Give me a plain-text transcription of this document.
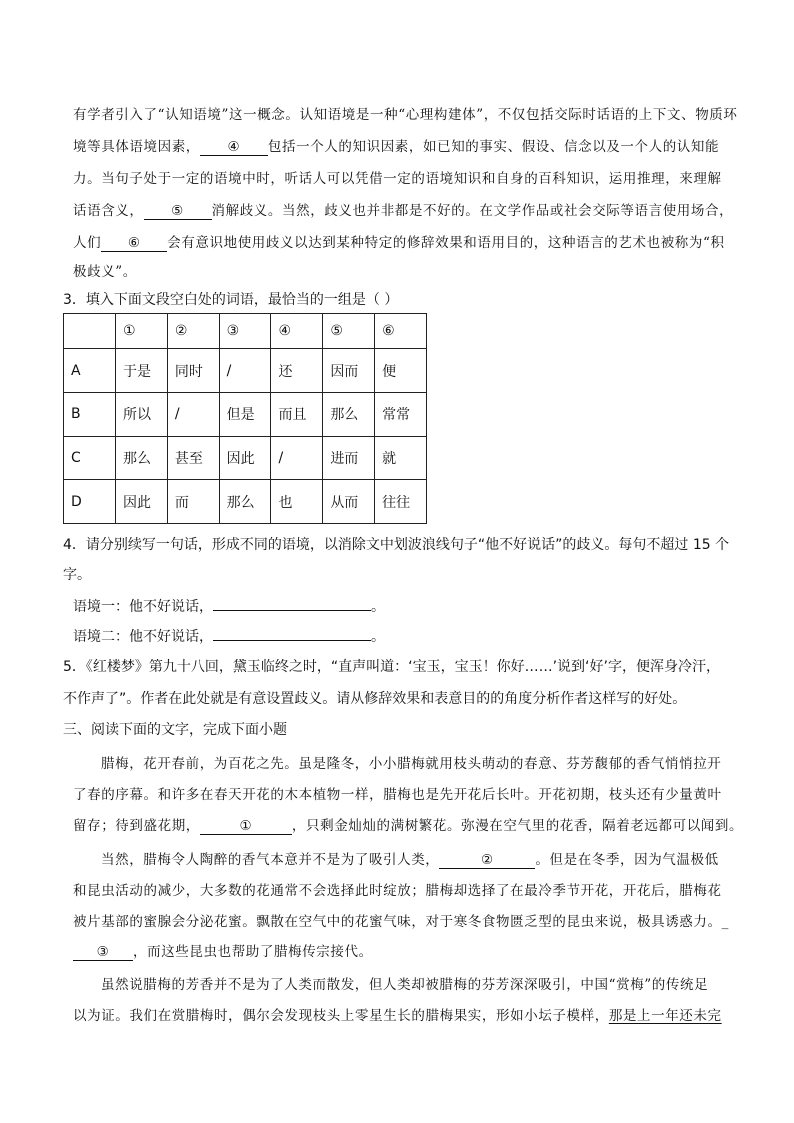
有学者引入了“认知语境”这一概念。认知语境是一种“心理构建体”，不仅包括交际时话语的上下文、物质环
境等具体语境因素， ④ 包括一个人的知识因素，如已知的事实、假设、信念以及一个人的认知能
力。当句子处于一定的语境中时，听话人可以凭借一定的语境知识和自身的百科知识，运用推理，来理解
话语含义， ⑤ 消解歧义。当然，歧义也并非都是不好的。在文学作品或社会交际等语言使用场合，
人们 ⑥ 会有意识地使用歧义以达到某种特定的修辞效果和语用目的，这种语言的艺术也被称为“积
极歧义”。
3．填入下面文段空白处的词语，最恰当的一组是（ ）
	①	②	③	④	⑤	⑥
A	于是	同时	/	还	因而	便
B	所以	/	但是	而且	那么	常常
C	那么	甚至	因此	/	进而	就
D	因此	而	那么	也	从而	往往
4．请分别续写一句话，形成不同的语境，以消除文中划波浪线句子“他不好说话”的歧义。每句不超过 15 个
字。
语境一：他不好说话，	。
语境二：他不好说话，	。
5．《红楼梦》第九十八回，黛玉临终之时，“直声叫道：‘宝玉，宝玉！你好……’说到‘好’字，便浑身冷汗，
不作声了”。作者在此处就是有意设置歧义。请从修辞效果和表意目的的角度分析作者这样写的好处。
三、阅读下面的文字，完成下面小题
腊梅，花开春前，为百花之先。虽是隆冬，小小腊梅就用枝头萌动的春意、芬芳馥郁的香气悄悄拉开
了春的序幕。和许多在春天开花的木本植物一样，腊梅也是先开花后长叶。开花初期，枝头还有少量黄叶
留存；待到盛花期，	①	，只剩金灿灿的满树繁花。弥漫在空气里的花香，隔着老远都可以闻到。
当然，腊梅令人陶醉的香气本意并不是为了吸引人类，	②	。但是在冬季，因为气温极低
和昆虫活动的减少，大多数的花通常不会选择此时绽放；腊梅却选择了在最冷季节开花，开花后，腊梅花
被片基部的蜜腺会分泌花蜜。飘散在空气中的花蜜气味，对于寒冬食物匮乏型的昆虫来说，极具诱惑力。_
③ ，而这些昆虫也帮助了腊梅传宗接代。
虽然说腊梅的芳香并不是为了人类而散发，但人类却被腊梅的芬芳深深吸引，中国“赏梅”的传统足
以为证。我们在赏腊梅时，偶尔会发现枝头上零星生长的腊梅果实，形如小坛子模样，那是上一年还未完
